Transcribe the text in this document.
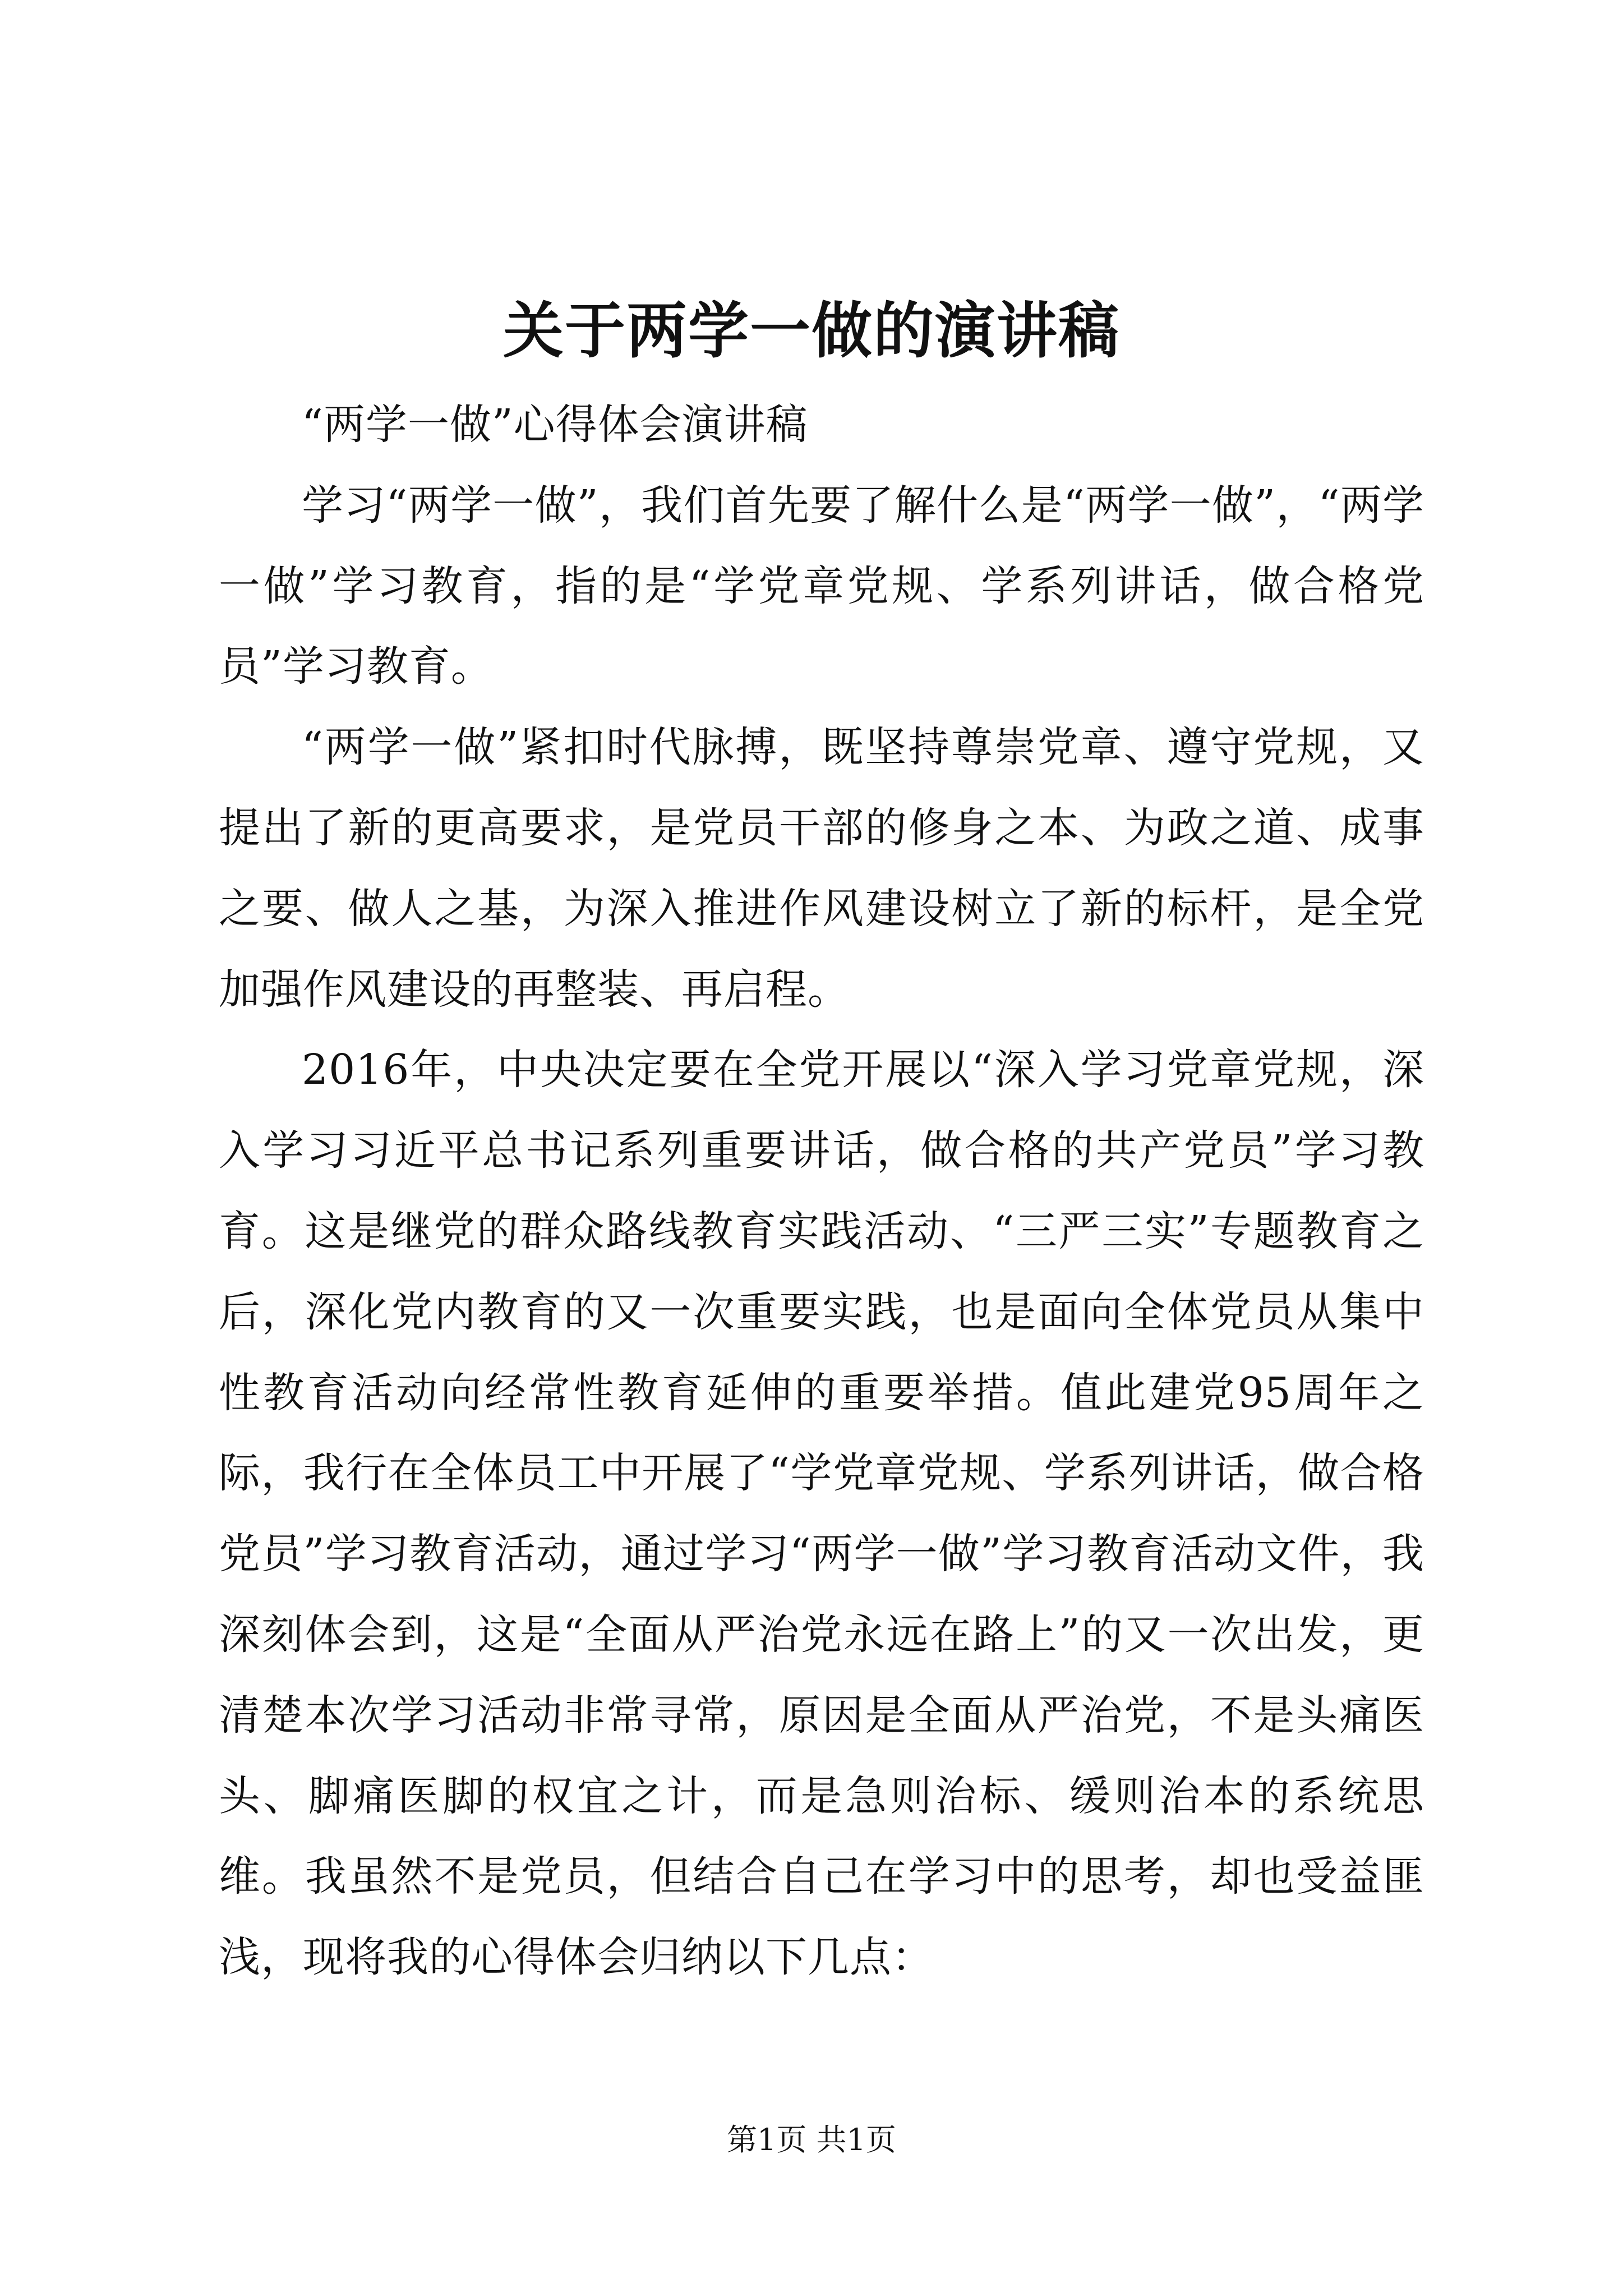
关于两学一做的演讲稿

“两学一做”心得体会演讲稿

学习“两学一做”，我们首先要了解什么是“两学一做”，“两学一做”学习教育，指的是“学党章党规、学系列讲话，做合格党员”学习教育。

“两学一做”紧扣时代脉搏，既坚持尊崇党章、遵守党规，又提出了新的更高要求，是党员干部的修身之本、为政之道、成事之要、做人之基，为深入推进作风建设树立了新的标杆，是全党加强作风建设的再整装、再启程。

2016年，中央决定要在全党开展以“深入学习党章党规，深入学习习近平总书记系列重要讲话，做合格的共产党员”学习教育。这是继党的群众路线教育实践活动、“三严三实”专题教育之后，深化党内教育的又一次重要实践，也是面向全体党员从集中性教育活动向经常性教育延伸的重要举措。值此建党95周年之际，我行在全体员工中开展了“学党章党规、学系列讲话，做合格党员”学习教育活动，通过学习“两学一做”学习教育活动文件，我深刻体会到，这是“全面从严治党永远在路上”的又一次出发，更清楚本次学习活动非常寻常，原因是全面从严治党，不是头痛医头、脚痛医脚的权宜之计，而是急则治标、缓则治本的系统思维。我虽然不是党员，但结合自己在学习中的思考，却也受益匪浅，现将我的心得体会归纳以下几点：

第1页 共1页
